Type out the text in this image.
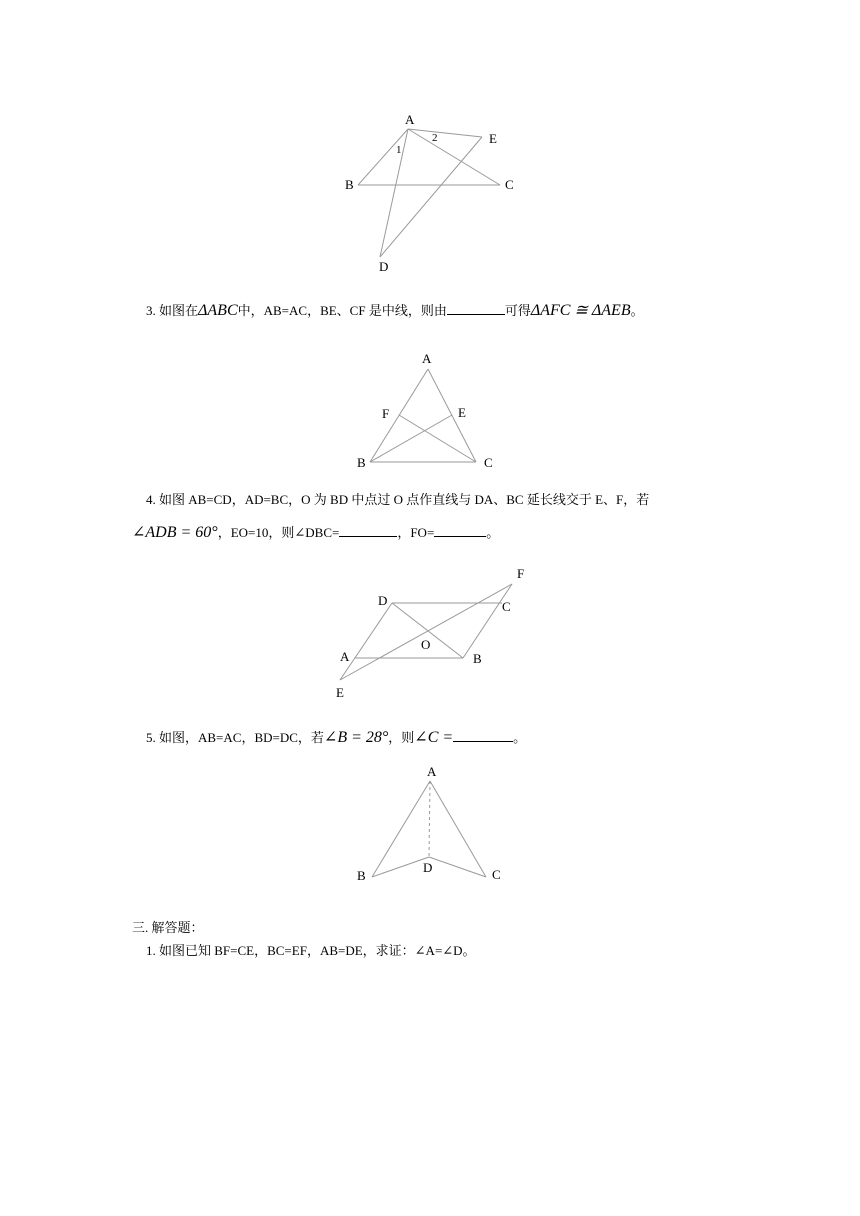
A
B	C
D
E
1
2
3. 如图在ΔABC中，AB=AC，BE、CF 是中线，则由	可得ΔAFC ≅ ΔAEB。
A
B	C
E
F
4. 如图 AB=CD，AD=BC，O 为 BD 中点过 O 点作直线与 DA、BC 延长线交于 E、F，若
∠ADB = 60°，EO=10，则∠DBC=	，FO=	。
D	C
F
A	B
O
E
5. 如图，AB=AC，BD=DC，若∠B = 28°，则∠C =	。
A
B
D	C
三. 解答题：
1. 如图已知 BF=CE，BC=EF，AB=DE，求证：∠A=∠D。
